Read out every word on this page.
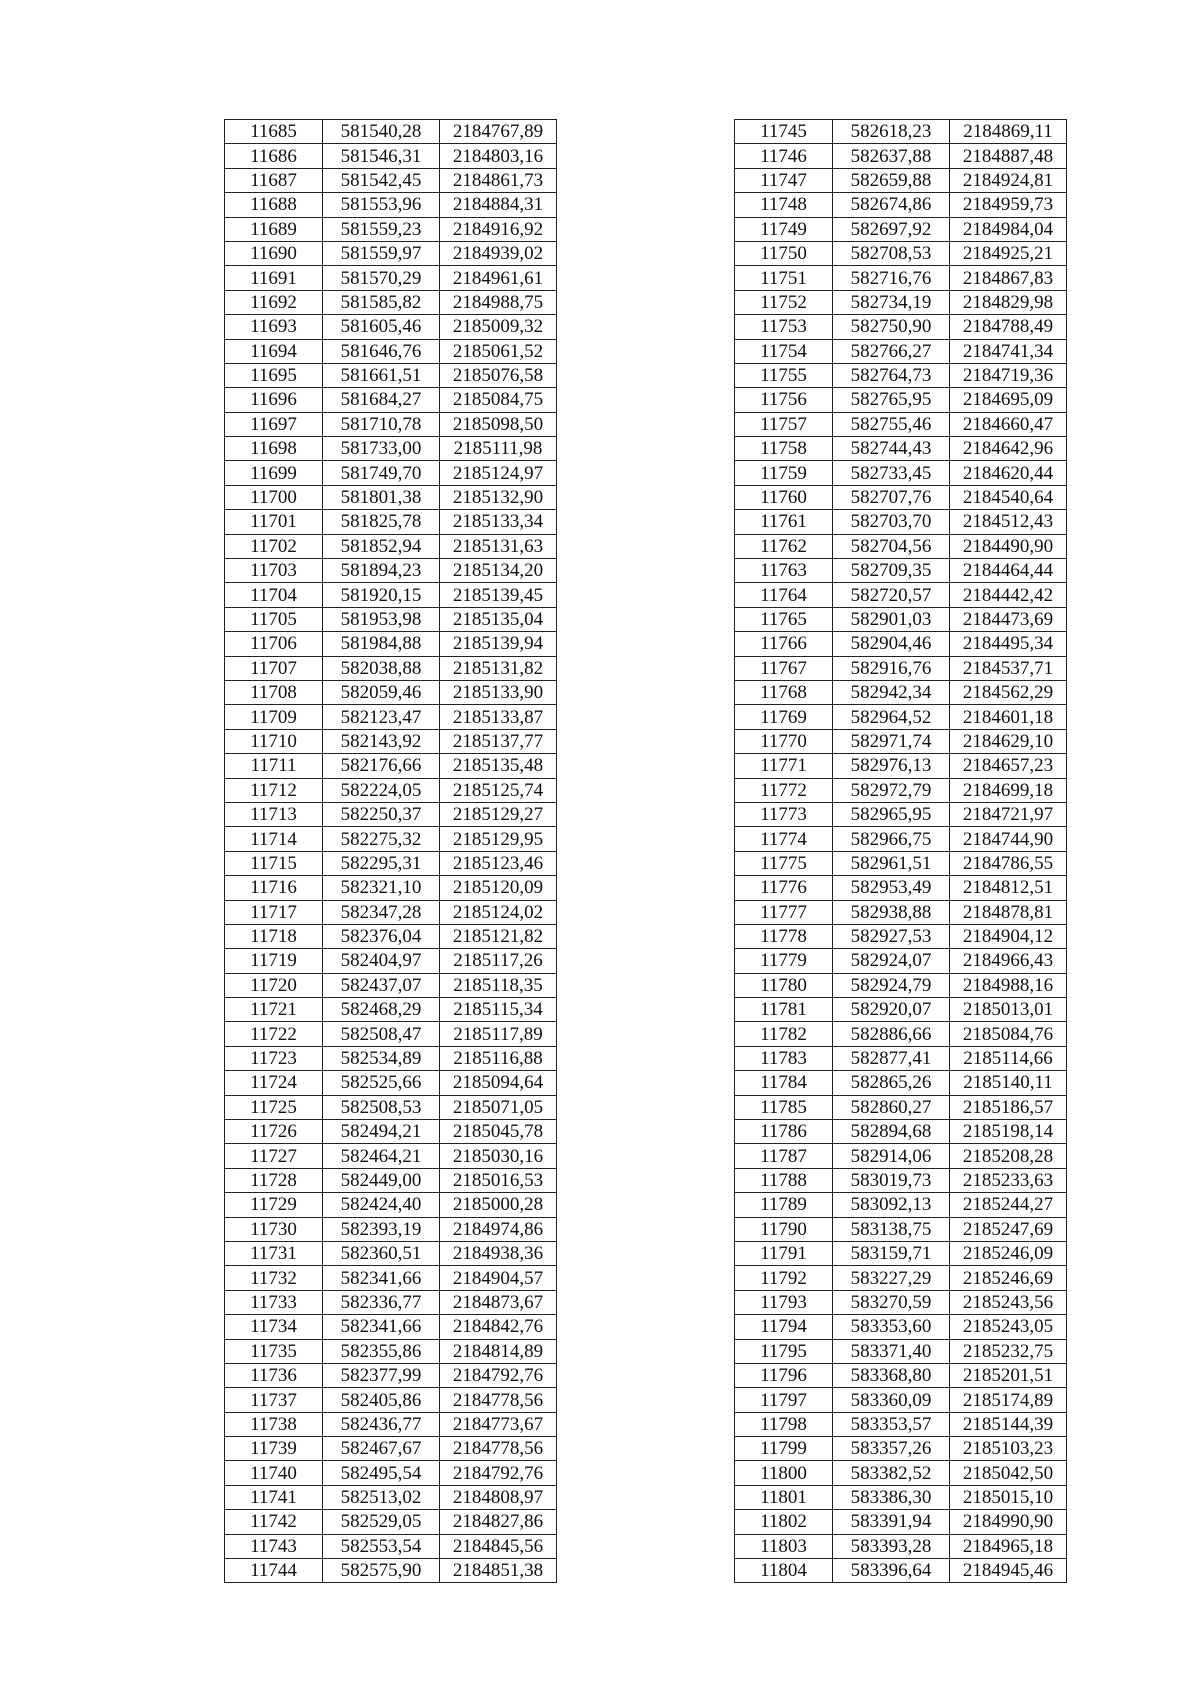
11685	581540,28	2184767,89
11686	581546,31	2184803,16
11687	581542,45	2184861,73
11688	581553,96	2184884,31
11689	581559,23	2184916,92
11690	581559,97	2184939,02
11691	581570,29	2184961,61
11692	581585,82	2184988,75
11693	581605,46	2185009,32
11694	581646,76	2185061,52
11695	581661,51	2185076,58
11696	581684,27	2185084,75
11697	581710,78	2185098,50
11698	581733,00	2185111,98
11699	581749,70	2185124,97
11700	581801,38	2185132,90
11701	581825,78	2185133,34
11702	581852,94	2185131,63
11703	581894,23	2185134,20
11704	581920,15	2185139,45
11705	581953,98	2185135,04
11706	581984,88	2185139,94
11707	582038,88	2185131,82
11708	582059,46	2185133,90
11709	582123,47	2185133,87
11710	582143,92	2185137,77
11711	582176,66	2185135,48
11712	582224,05	2185125,74
11713	582250,37	2185129,27
11714	582275,32	2185129,95
11715	582295,31	2185123,46
11716	582321,10	2185120,09
11717	582347,28	2185124,02
11718	582376,04	2185121,82
11719	582404,97	2185117,26
11720	582437,07	2185118,35
11721	582468,29	2185115,34
11722	582508,47	2185117,89
11723	582534,89	2185116,88
11724	582525,66	2185094,64
11725	582508,53	2185071,05
11726	582494,21	2185045,78
11727	582464,21	2185030,16
11728	582449,00	2185016,53
11729	582424,40	2185000,28
11730	582393,19	2184974,86
11731	582360,51	2184938,36
11732	582341,66	2184904,57
11733	582336,77	2184873,67
11734	582341,66	2184842,76
11735	582355,86	2184814,89
11736	582377,99	2184792,76
11737	582405,86	2184778,56
11738	582436,77	2184773,67
11739	582467,67	2184778,56
11740	582495,54	2184792,76
11741	582513,02	2184808,97
11742	582529,05	2184827,86
11743	582553,54	2184845,56
11744	582575,90	2184851,38
11745	582618,23	2184869,11
11746	582637,88	2184887,48
11747	582659,88	2184924,81
11748	582674,86	2184959,73
11749	582697,92	2184984,04
11750	582708,53	2184925,21
11751	582716,76	2184867,83
11752	582734,19	2184829,98
11753	582750,90	2184788,49
11754	582766,27	2184741,34
11755	582764,73	2184719,36
11756	582765,95	2184695,09
11757	582755,46	2184660,47
11758	582744,43	2184642,96
11759	582733,45	2184620,44
11760	582707,76	2184540,64
11761	582703,70	2184512,43
11762	582704,56	2184490,90
11763	582709,35	2184464,44
11764	582720,57	2184442,42
11765	582901,03	2184473,69
11766	582904,46	2184495,34
11767	582916,76	2184537,71
11768	582942,34	2184562,29
11769	582964,52	2184601,18
11770	582971,74	2184629,10
11771	582976,13	2184657,23
11772	582972,79	2184699,18
11773	582965,95	2184721,97
11774	582966,75	2184744,90
11775	582961,51	2184786,55
11776	582953,49	2184812,51
11777	582938,88	2184878,81
11778	582927,53	2184904,12
11779	582924,07	2184966,43
11780	582924,79	2184988,16
11781	582920,07	2185013,01
11782	582886,66	2185084,76
11783	582877,41	2185114,66
11784	582865,26	2185140,11
11785	582860,27	2185186,57
11786	582894,68	2185198,14
11787	582914,06	2185208,28
11788	583019,73	2185233,63
11789	583092,13	2185244,27
11790	583138,75	2185247,69
11791	583159,71	2185246,09
11792	583227,29	2185246,69
11793	583270,59	2185243,56
11794	583353,60	2185243,05
11795	583371,40	2185232,75
11796	583368,80	2185201,51
11797	583360,09	2185174,89
11798	583353,57	2185144,39
11799	583357,26	2185103,23
11800	583382,52	2185042,50
11801	583386,30	2185015,10
11802	583391,94	2184990,90
11803	583393,28	2184965,18
11804	583396,64	2184945,46
